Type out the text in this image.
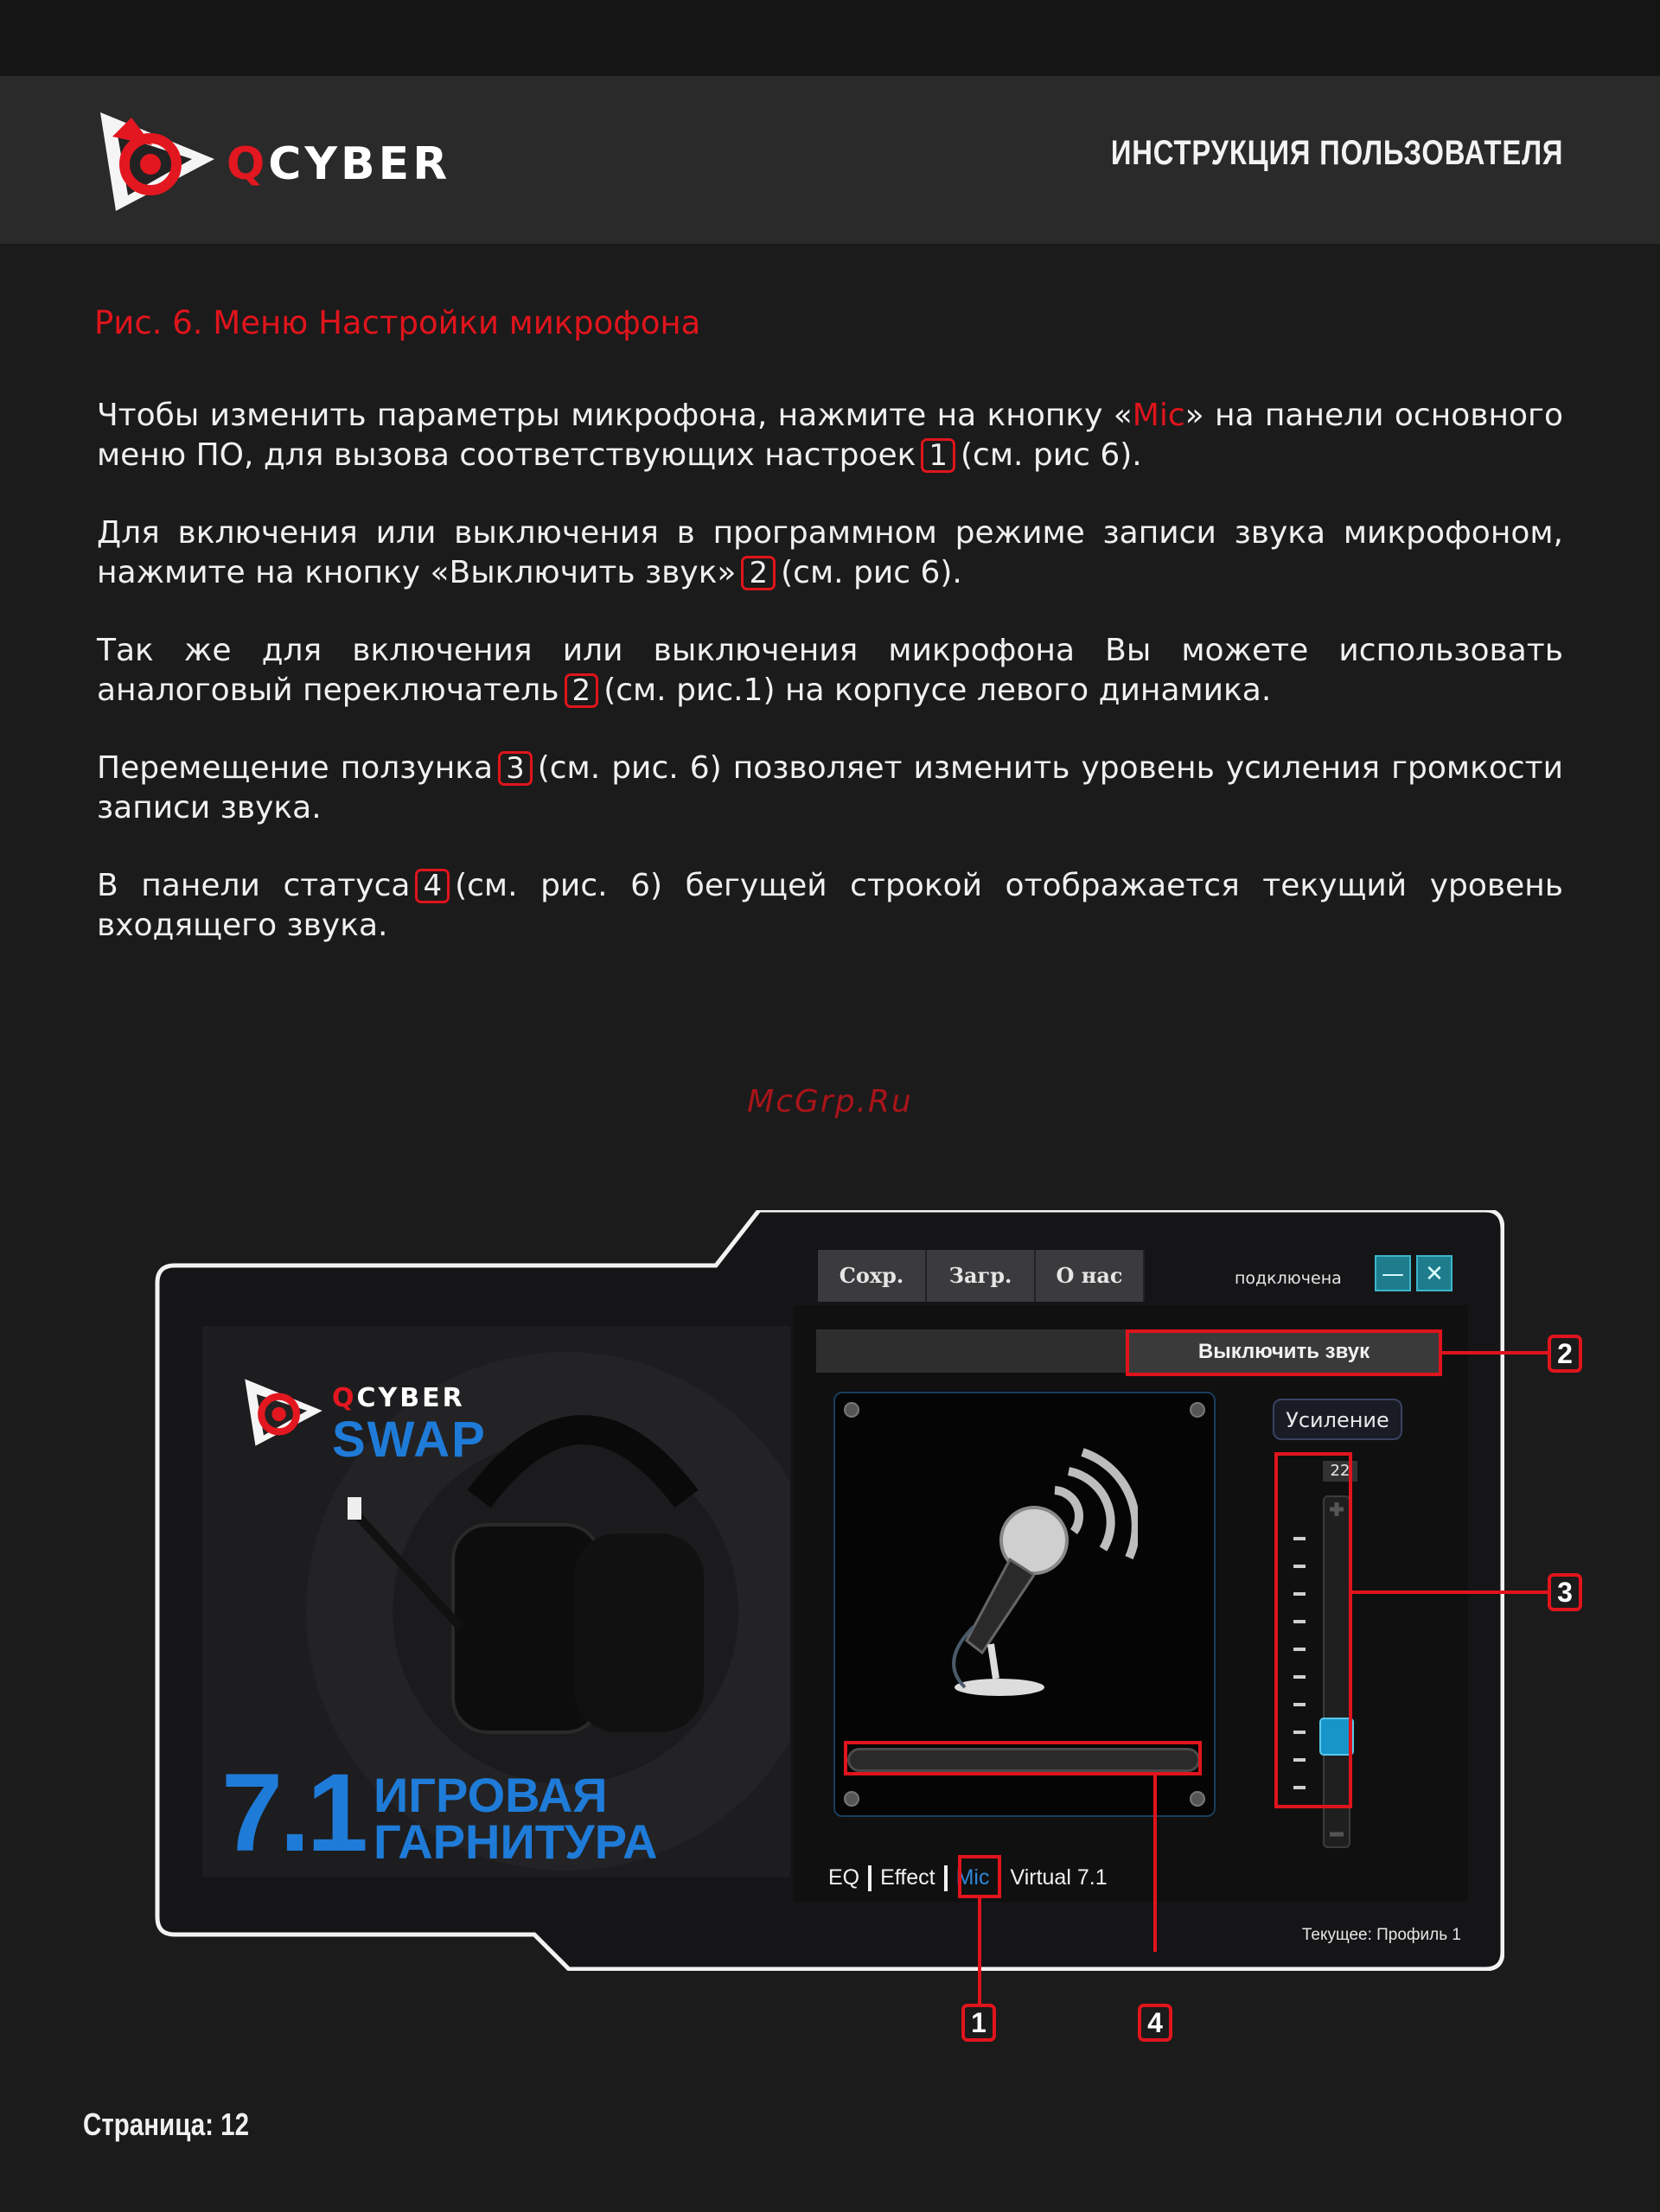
QCYBER	ИНСТРУКЦИЯ ПОЛЬЗОВАТЕЛЯ
Рис. 6. Меню Настройки микрофона
Чтобы изменить параметры микрофона, нажмите на кнопку «Mic» на панели основного меню ПО, для вызова соответствующих настроек 1 (см. рис 6).
Для включения или выключения в программном режиме записи звука микрофоном, нажмите на кнопку «Выключить звук» 2 (см. рис 6).
Так же для включения или выключения микрофона Вы можете использовать аналоговый переключатель 2 (см. рис.1) на корпусе левого динамика.
Перемещение ползунка 3 (см. рис. 6) позволяет изменить уровень усиления громкости записи звука.
В панели статуса 4 (см. рис. 6) бегущей строкой отображается текущий уровень входящего звука.
McGrp.Ru
QCYBER
SWAP
7.1 ИГРОВАЯ
ГАРНИТУРА
Сохр.	Загр.	О нас	подключена	— ✕
Выключить звук
Усиление
22
EQ Effect Mic Virtual 7.1
Текущее: Профиль 1
2
3
4
1
Страница: 12
